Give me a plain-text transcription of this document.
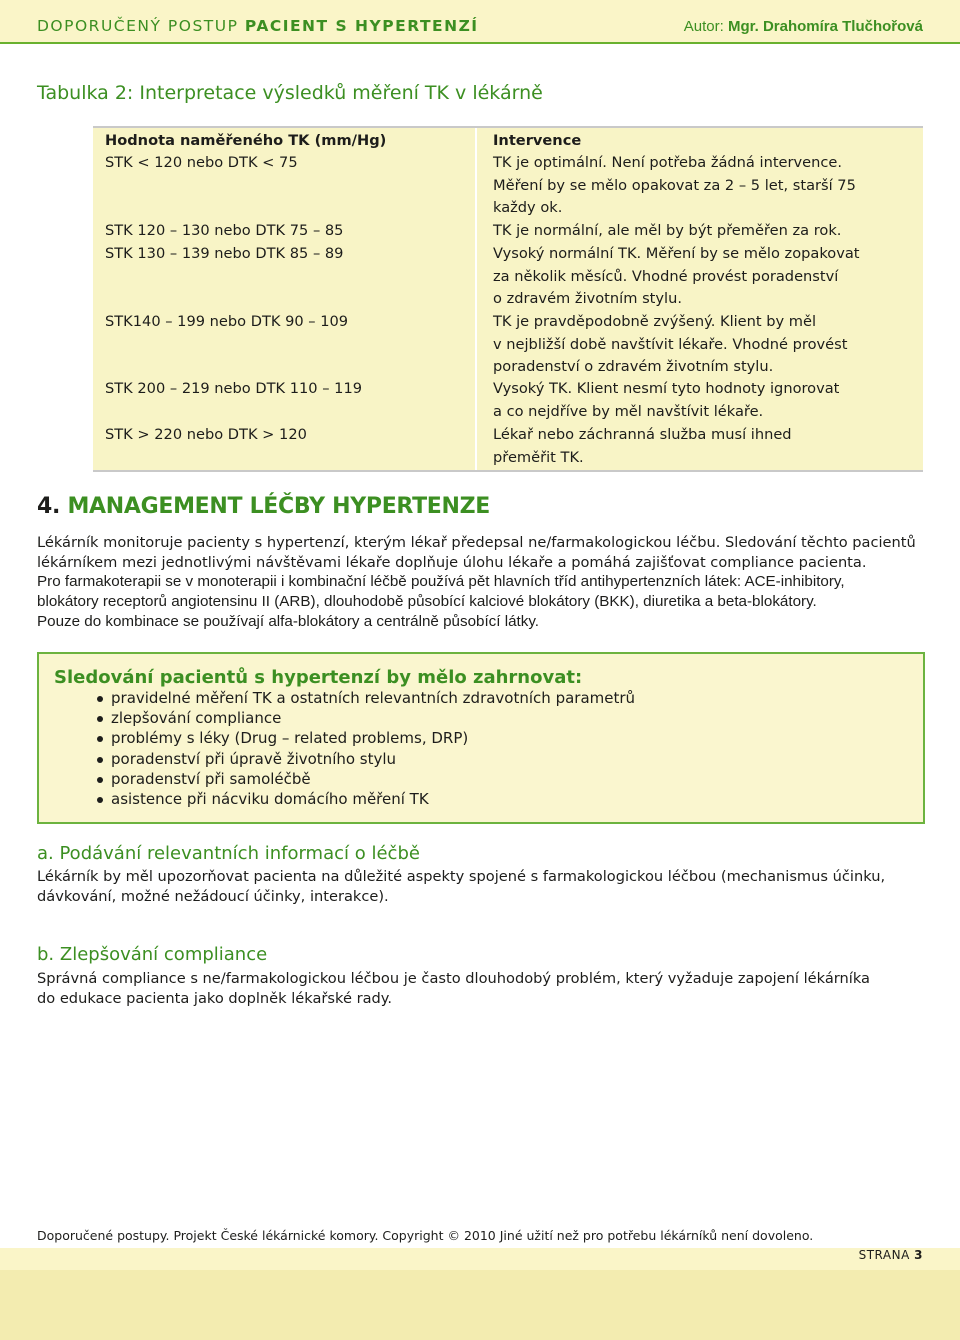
DOPORUČENÝ POSTUP PACIENT S HYPERTENZÍ	Autor: Mgr. Drahomíra Tlučhořová
Tabulka 2: Interpretace výsledků měření TK v lékárně
Hodnota naměřeného TK (mm/Hg)	Intervence
STK < 120 nebo DTK < 75	TK je optimální. Není potřeba žádná intervence.
Měření by se mělo opakovat za 2 – 5 let, starší 75
každy ok.
STK 120 – 130 nebo DTK 75 – 85	TK je normální, ale měl by být přeměřen za rok.
STK 130 – 139 nebo DTK 85 – 89	Vysoký normální TK. Měření by se mělo zopakovat
za několik měsíců. Vhodné provést poradenství
o zdravém životním stylu.
STK140 – 199 nebo DTK 90 – 109	TK je pravděpodobně zvýšený. Klient by měl
v nejbližší době navštívit lékaře. Vhodné provést
poradenství o zdravém životním stylu.
STK 200 – 219 nebo DTK 110 – 119	Vysoký TK. Klient nesmí tyto hodnoty ignorovat
a co nejdříve by měl navštívit lékaře.
STK > 220 nebo DTK > 120	Lékař nebo záchranná služba musí ihned
přeměřit TK.
4. MANAGEMENT LÉČBY HYPERTENZE
Lékárník monitoruje pacienty s hypertenzí, kterým lékař předepsal ne/farmakologickou léčbu. Sledování těchto pacientů
lékárníkem mezi jednotlivými návštěvami lékaře doplňuje úlohu lékaře a pomáhá zajišťovat compliance pacienta.
Pro farmakoterapii se v monoterapii i kombinační léčbě používá pět hlavních tříd antihypertenzních látek: ACE-inhibitory,
blokátory receptorů angiotensinu II (ARB), dlouhodobě působící kalciové blokátory (BKK), diuretika a beta-blokátory.
Pouze do kombinace se používají alfa-blokátory a centrálně působící látky.
Sledování pacientů s hypertenzí by mělo zahrnovat:
pravidelné měření TK a ostatních relevantních zdravotních parametrů
zlepšování compliance
problémy s léky (Drug – related problems, DRP)
poradenství při úpravě životního stylu
poradenství při samoléčbě
asistence při nácviku domácího měření TK
a. Podávání relevantních informací o léčbě
Lékárník by měl upozorňovat pacienta na důležité aspekty spojené s farmakologickou léčbou (mechanismus účinku,
dávkování, možné nežádoucí účinky, interakce).
b. Zlepšování compliance
Správná compliance s ne/farmakologickou léčbou je často dlouhodobý problém, který vyžaduje zapojení lékárníka
do edukace pacienta jako doplněk lékařské rady.
Doporučené postupy. Projekt České lékárnické komory. Copyright © 2010 Jiné užití než pro potřebu lékárníků není dovoleno.
STRANA 3
